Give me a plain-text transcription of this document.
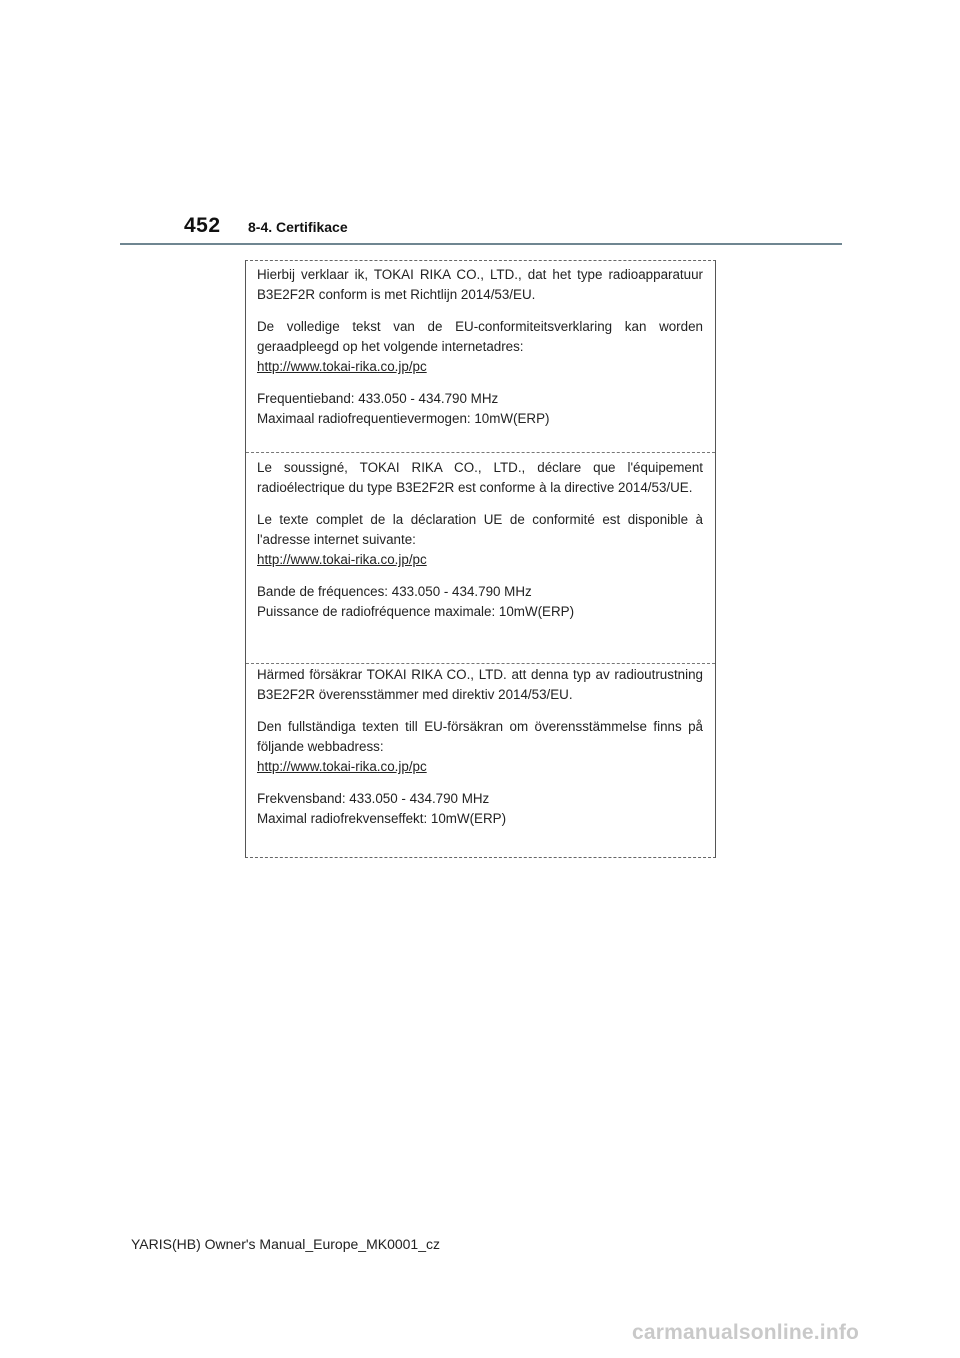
452 8-4. Certifikace

Hierbij verklaar ik, TOKAI RIKA CO., LTD., dat het type radioapparatuur B3E2F2R conform is met Richtlijn 2014/53/EU.

De volledige tekst van de EU-conformiteitsverklaring kan worden geraadpleegd op het volgende internetadres:

http://www.tokai-rika.co.jp/pc

Frequentieband: 433.050 - 434.790 MHz

Maximaal radiofrequentievermogen: 10mW(ERP)

Le soussigné, TOKAI RIKA CO., LTD., déclare que l'équipement radioélectrique du type B3E2F2R est conforme à la directive 2014/53/UE.

Le texte complet de la déclaration UE de conformité est disponible à l'adresse internet suivante:

http://www.tokai-rika.co.jp/pc

Bande de fréquences: 433.050 - 434.790 MHz

Puissance de radiofréquence maximale: 10mW(ERP)

Härmed försäkrar TOKAI RIKA CO., LTD. att denna typ av radioutrustning B3E2F2R överensstämmer med direktiv 2014/53/EU.

Den fullständiga texten till EU-försäkran om överensstämmelse finns på följande webbadress:

http://www.tokai-rika.co.jp/pc

Frekvensband: 433.050 - 434.790 MHz

Maximal radiofrekvenseffekt: 10mW(ERP)

YARIS(HB) Owner's Manual_Europe_MK0001_cz
carmanualsonline.info
